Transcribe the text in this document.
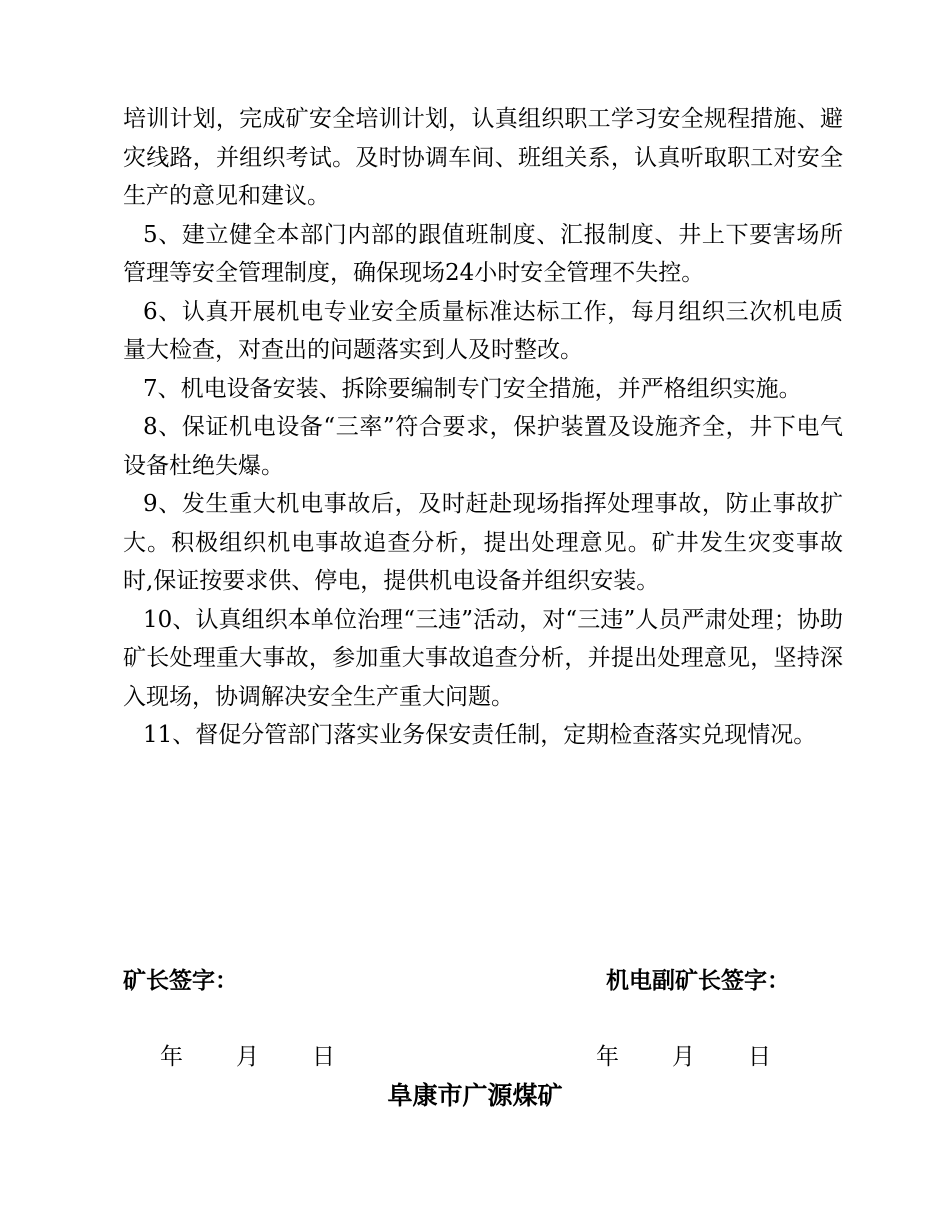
培训计划，完成矿安全培训计划，认真组织职工学习安全规程措施、避灾线路，并组织考试。及时协调车间、班组关系，认真听取职工对安全生产的意见和建议。

5、建立健全本部门内部的跟值班制度、汇报制度、井上下要害场所管理等安全管理制度，确保现场24小时安全管理不失控。

6、认真开展机电专业安全质量标准达标工作，每月组织三次机电质量大检查，对查出的问题落实到人及时整改。

7、机电设备安装、拆除要编制专门安全措施，并严格组织实施。

8、保证机电设备“三率”符合要求，保护装置及设施齐全，井下电气设备杜绝失爆。

9、发生重大机电事故后，及时赶赴现场指挥处理事故，防止事故扩大。积极组织机电事故追查分析，提出处理意见。矿井发生灾变事故时,保证按要求供、停电，提供机电设备并组织安装。

10、认真组织本单位治理“三违”活动，对“三违”人员严肃处理；协助矿长处理重大事故，参加重大事故追查分析，并提出处理意见，坚持深入现场，协调解决安全生产重大问题。

11、督促分管部门落实业务保安责任制，定期检查落实兑现情况。

矿长签字：	机电副矿长签字：
年 月 日	年 月 日
阜康市广源煤矿
